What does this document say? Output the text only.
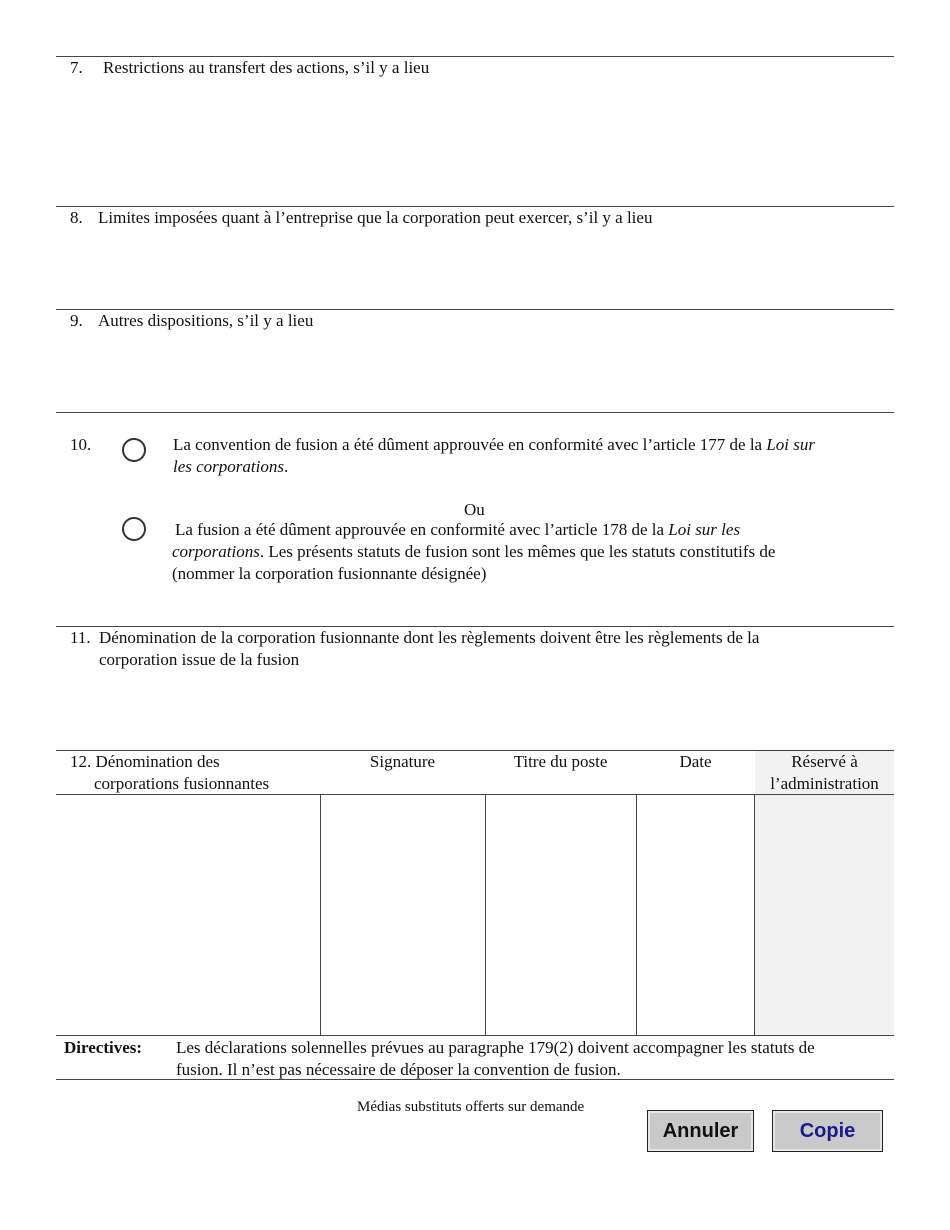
7. Restrictions au transfert des actions, s’il y a lieu
8. Limites imposées quant à l’entreprise que la corporation peut exercer, s’il y a lieu
9. Autres dispositions, s’il y a lieu
10.	La convention de fusion a été dûment approuvée en conformité avec l’article 177 de la Loi sur
les corporations.
Ou
La fusion a été dûment approuvée en conformité avec l’article 178 de la Loi sur les
corporations. Les présents statuts de fusion sont les mêmes que les statuts constitutifs de
(nommer la corporation fusionnante désignée)
11. Dénomination de la corporation fusionnante dont les règlements doivent être les règlements de la
corporation issue de la fusion
12. Dénomination des
corporations fusionnantes
Signature	Titre du poste	Date	Réservé à
l’administration
Directives: Les déclarations solennelles prévues au paragraphe 179(2) doivent accompagner les statuts de
fusion. Il n’est pas nécessaire de déposer la convention de fusion.
Médias substituts offerts sur demande
Annuler	Copie
